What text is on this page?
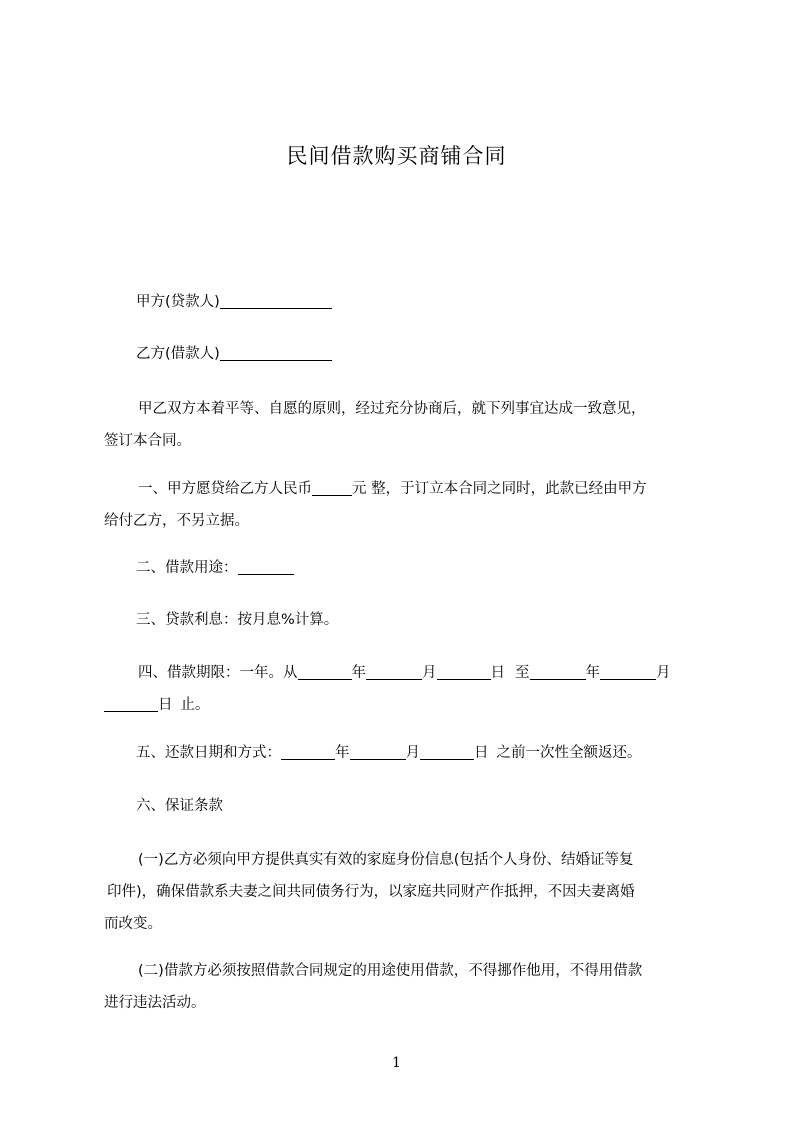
民间借款购买商铺合同
甲方(贷款人)
乙方(借款人)
甲乙双方本着平等、自愿的原则，经过充分协商后，就下列事宜达成一致意见，
签订本合同。
一、甲方愿贷给乙方人民币	元 整，于订立本合同之同时，此款已经由甲方
给付乙方，不另立据。
二、借款用途：
三、贷款利息：按月息%计算。
四、借款期限：一年。从	年	月	日 至	年	月
日 止。
五、还款日期和方式：	年	月	日 之前一次性全额返还。
六、保证条款
(一)乙方必须向甲方提供真实有效的家庭身份信息(包括个人身份、结婚证等复
印件)，确保借款系夫妻之间共同债务行为，以家庭共同财产作抵押，不因夫妻离婚
而改变。
(二)借款方必须按照借款合同规定的用途使用借款，不得挪作他用，不得用借款
进行违法活动。
1
